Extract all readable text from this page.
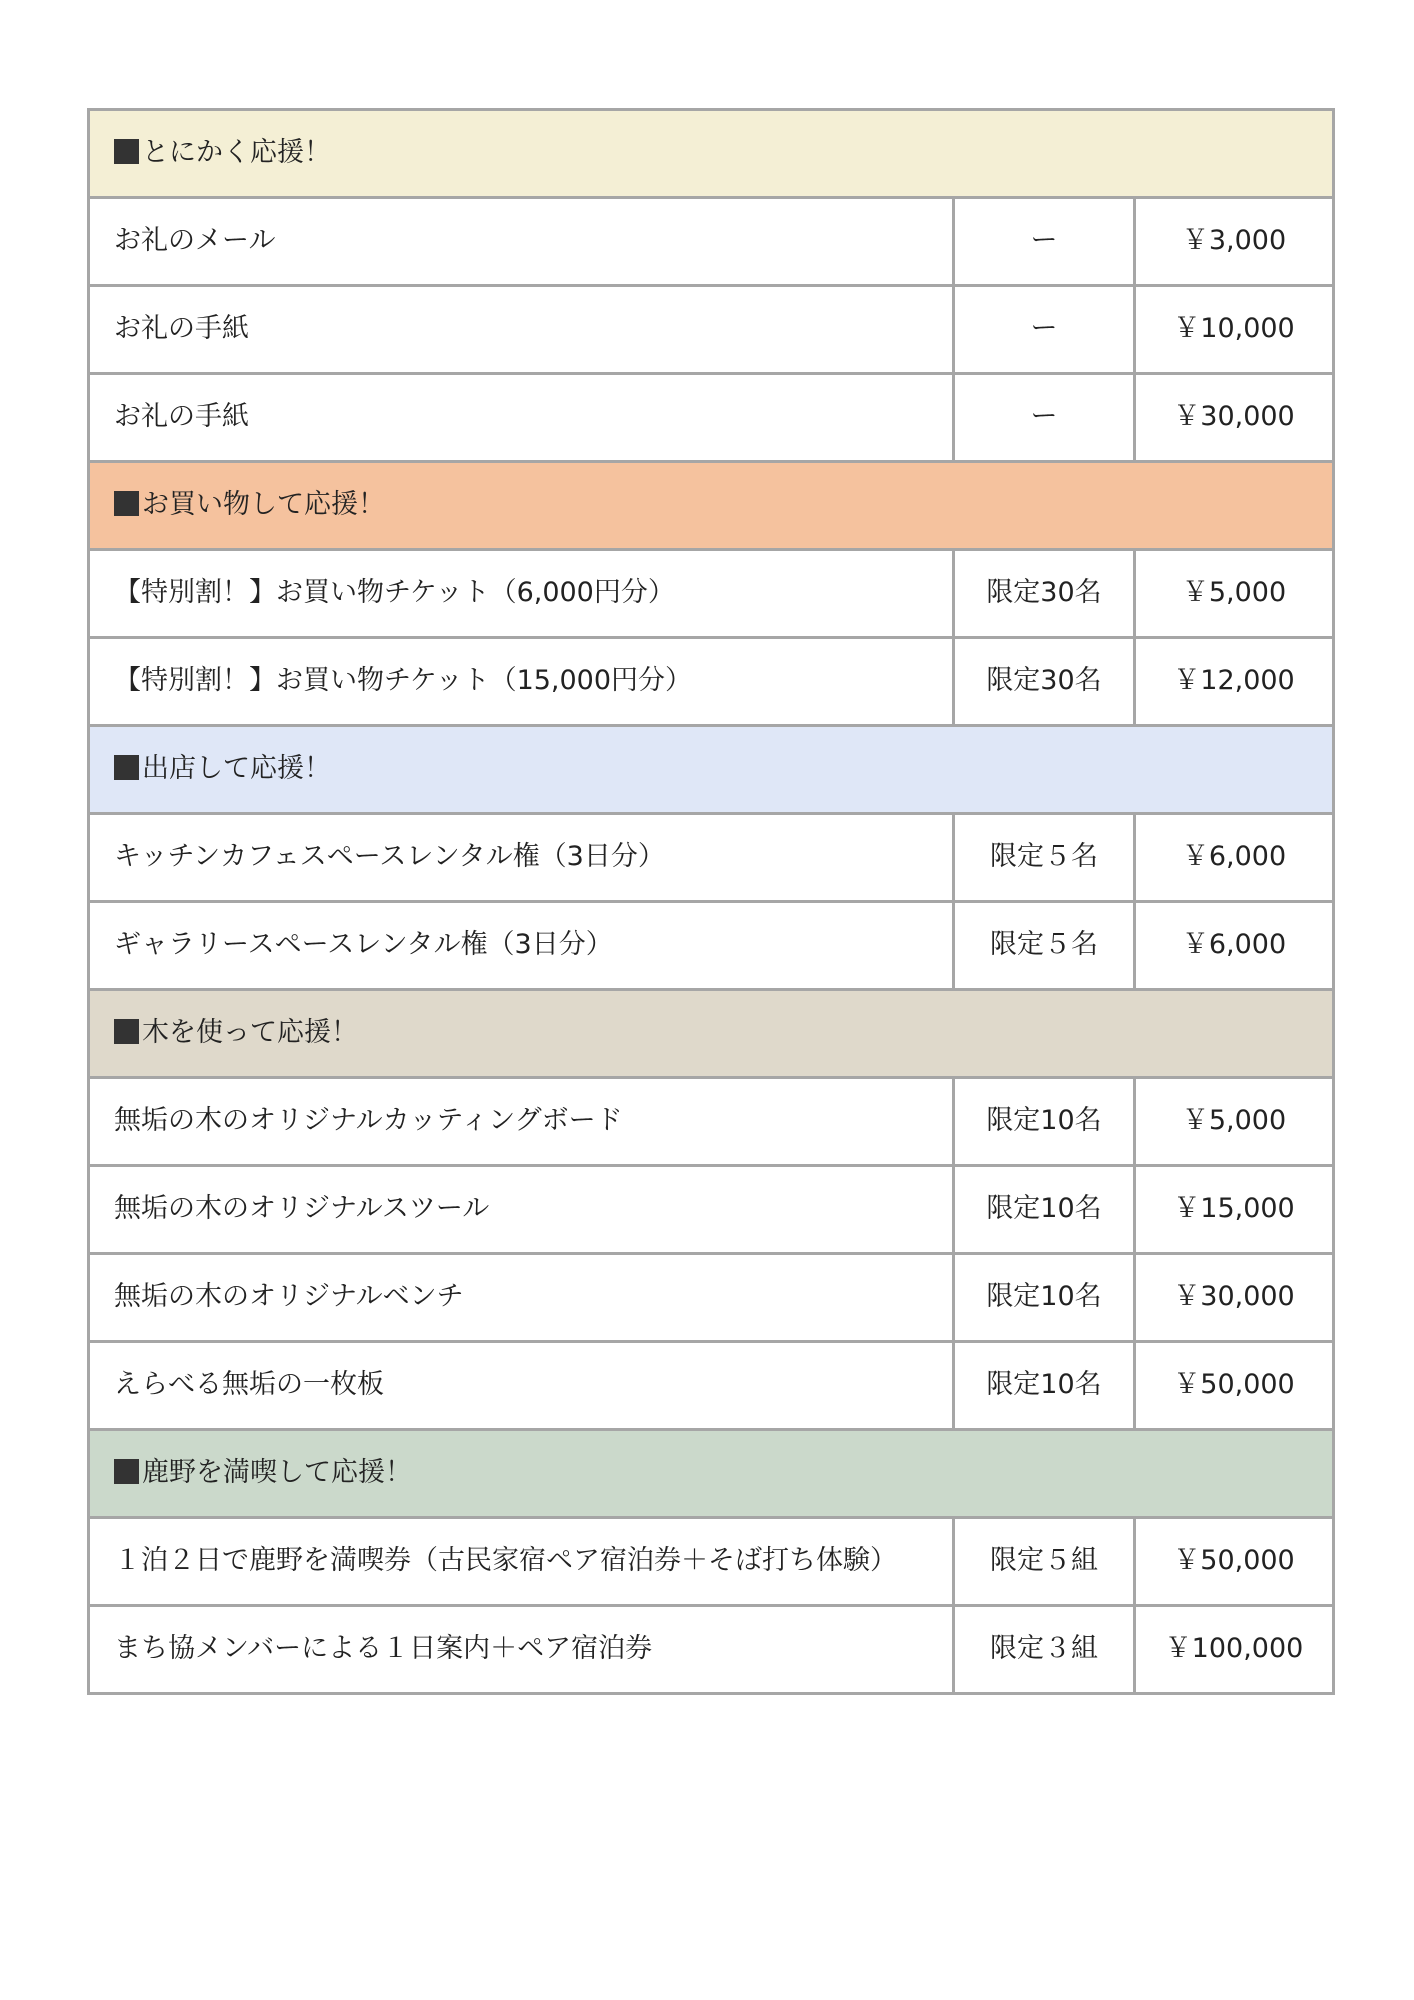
とにかく応援！		
お礼のメール	ー	￥3,000
お礼の手紙	ー	￥10,000
お礼の手紙	ー	￥30,000
お買い物して応援！		
【特別割！】お買い物チケット（6,000円分）	限定30名	￥5,000
【特別割！】お買い物チケット（15,000円分）	限定30名	￥12,000
出店して応援！		
キッチンカフェスペースレンタル権（3日分）	限定５名	￥6,000
ギャラリースペースレンタル権（3日分）	限定５名	￥6,000
木を使って応援！		
無垢の木のオリジナルカッティングボード	限定10名	￥5,000
無垢の木のオリジナルスツール	限定10名	￥15,000
無垢の木のオリジナルベンチ	限定10名	￥30,000
えらべる無垢の一枚板	限定10名	￥50,000
鹿野を満喫して応援！		
１泊２日で鹿野を満喫券（古民家宿ペア宿泊券＋そば打ち体験）	限定５組	￥50,000
まち協メンバーによる１日案内＋ペア宿泊券	限定３組	￥100,000
